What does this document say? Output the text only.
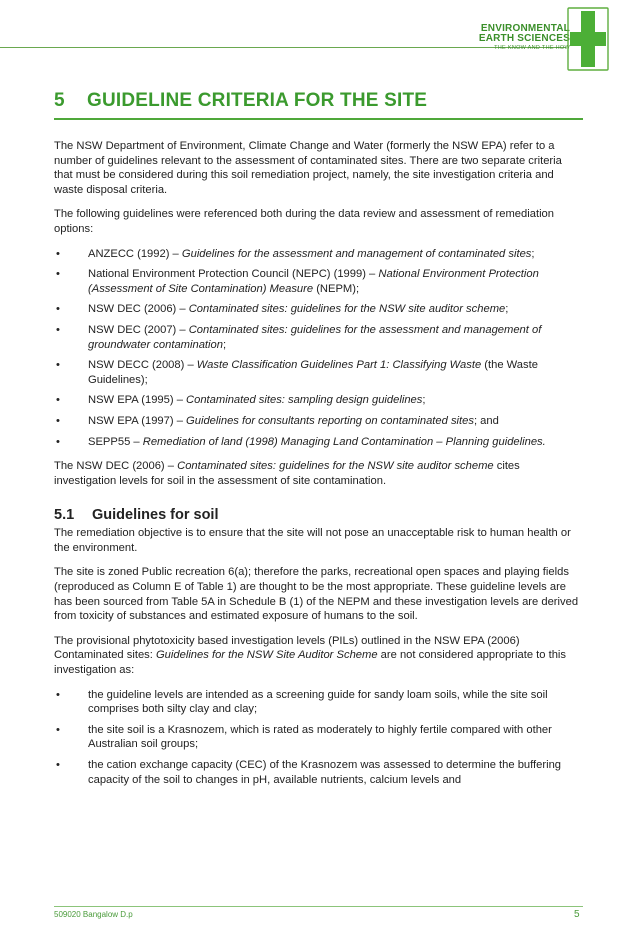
ENVIRONMENTAL
EARTH SCIENCES
THE KNOW AND THE HOW
5 GUIDELINE CRITERIA FOR THE SITE

The NSW Department of Environment, Climate Change and Water (formerly the NSW EPA) refer to a number of guidelines relevant to the assessment of contaminated sites. There are two separate criteria that must be considered during this soil remediation project, namely, the site investigation criteria and waste disposal criteria.

The following guidelines were referenced both during the data review and assessment of remediation options:

•	ANZECC (1992) – Guidelines for the assessment and management of contaminated sites;
•	National Environment Protection Council (NEPC) (1999) – National Environment Protection (Assessment of Site Contamination) Measure (NEPM);
•	NSW DEC (2006) – Contaminated sites: guidelines for the NSW site auditor scheme;
•	NSW DEC (2007) – Contaminated sites: guidelines for the assessment and management of groundwater contamination;
•	NSW DECC (2008) – Waste Classification Guidelines Part 1: Classifying Waste (the Waste Guidelines);
•	NSW EPA (1995) – Contaminated sites: sampling design guidelines;
•	NSW EPA (1997) – Guidelines for consultants reporting on contaminated sites; and
•	SEPP55 – Remediation of land (1998) Managing Land Contamination – Planning guidelines.

The NSW DEC (2006) – Contaminated sites: guidelines for the NSW site auditor scheme cites investigation levels for soil in the assessment of site contamination.

5.1 Guidelines for soil

The remediation objective is to ensure that the site will not pose an unacceptable risk to human health or the environment.

The site is zoned Public recreation 6(a); therefore the parks, recreational open spaces and playing fields (reproduced as Column E of Table 1) are thought to be the most appropriate. These guideline levels are has been sourced from Table 5A in Schedule B (1) of the NEPM and these investigation levels are derived from toxicity of substances and estimated exposure of humans to the soil.

The provisional phytotoxicity based investigation levels (PILs) outlined in the NSW EPA (2006) Contaminated sites: Guidelines for the NSW Site Auditor Scheme are not considered appropriate to this investigation as:

•	the guideline levels are intended as a screening guide for sandy loam soils, while the site soil comprises both silty clay and clay;
•	the site soil is a Krasnozem, which is rated as moderately to highly fertile compared with other Australian soil groups;
•	the cation exchange capacity (CEC) of the Krasnozem was assessed to determine the buffering capacity of the soil to changes in pH, available nutrients, calcium levels and
509020 Bangalow D.p	5
